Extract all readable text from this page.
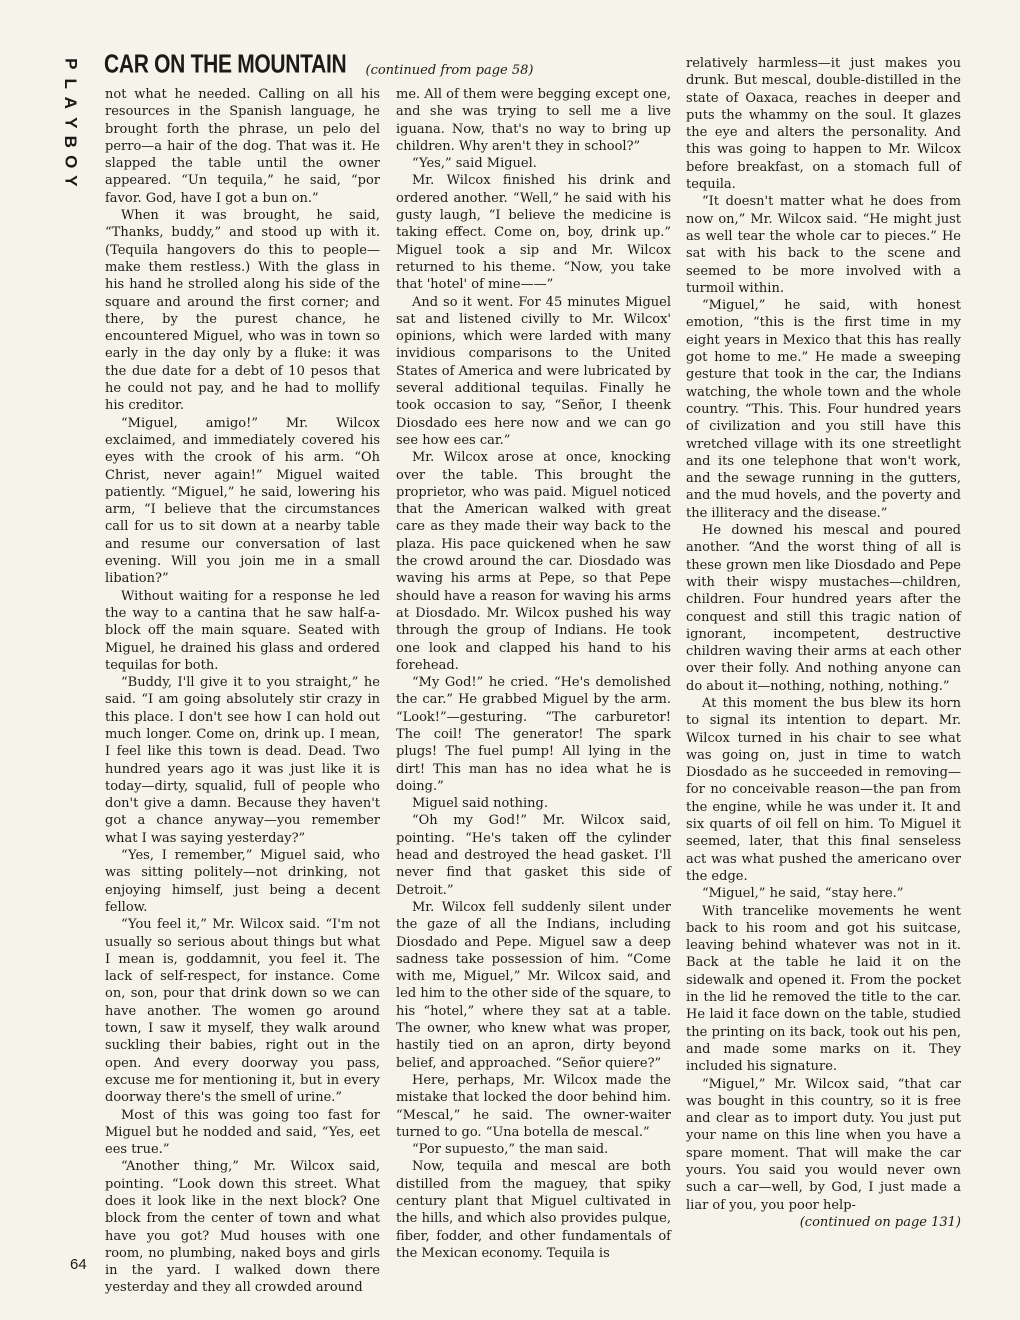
P
L
A
Y
B
O
Y
CAR ON THE MOUNTAIN (continued from page 58)

not what he needed. Calling on all his resources in the Spanish language, he brought forth the phrase, un pelo del perro—a hair of the dog. That was it. He slapped the table until the owner appeared. “Un tequila,” he said, “por favor. God, have I got a bun on.”

When it was brought, he said, “Thanks, buddy,” and stood up with it. (Tequila hangovers do this to people—make them restless.) With the glass in his hand he strolled along his side of the square and around the first corner; and there, by the purest chance, he encountered Miguel, who was in town so early in the day only by a fluke: it was the due date for a debt of 10 pesos that he could not pay, and he had to mollify his creditor.

“Miguel, amigo!” Mr. Wilcox exclaimed, and immediately covered his eyes with the crook of his arm. “Oh Christ, never again!” Miguel waited patiently. “Miguel,” he said, lowering his arm, “I believe that the circumstances call for us to sit down at a nearby table and resume our conversation of last evening. Will you join me in a small libation?”

Without waiting for a response he led the way to a cantina that he saw half-a-block off the main square. Seated with Miguel, he drained his glass and ordered tequilas for both.

“Buddy, I'll give it to you straight,” he said. “I am going absolutely stir crazy in this place. I don't see how I can hold out much longer. Come on, drink up. I mean, I feel like this town is dead. Dead. Two hundred years ago it was just like it is today—dirty, squalid, full of people who don't give a damn. Because they haven't got a chance anyway—you remember what I was saying yesterday?”

“Yes, I remember,” Miguel said, who was sitting politely—not drinking, not enjoying himself, just being a decent fellow.

“You feel it,” Mr. Wilcox said. “I'm not usually so serious about things but what I mean is, goddamnit, you feel it. The lack of self-respect, for instance. Come on, son, pour that drink down so we can have another. The women go around town, I saw it myself, they walk around suckling their babies, right out in the open. And every doorway you pass, excuse me for mentioning it, but in every doorway there's the smell of urine.”

Most of this was going too fast for Miguel but he nodded and said, “Yes, eet ees true.”

“Another thing,” Mr. Wilcox said, pointing. “Look down this street. What does it look like in the next block? One block from the center of town and what have you got? Mud houses with one room, no plumbing, naked boys and girls in the yard. I walked down there yesterday and they all crowded around

me. All of them were begging except one, and she was trying to sell me a live iguana. Now, that's no way to bring up children. Why aren't they in school?”

“Yes,” said Miguel.

Mr. Wilcox finished his drink and ordered another. “Well,” he said with his gusty laugh, “I believe the medicine is taking effect. Come on, boy, drink up.” Miguel took a sip and Mr. Wilcox returned to his theme. “Now, you take that 'hotel' of mine——”

And so it went. For 45 minutes Miguel sat and listened civilly to Mr. Wilcox' opinions, which were larded with many invidious comparisons to the United States of America and were lubricated by several additional tequilas. Finally he took occasion to say, “Señor, I theenk Diosdado ees here now and we can go see how ees car.”

Mr. Wilcox arose at once, knocking over the table. This brought the proprietor, who was paid. Miguel noticed that the American walked with great care as they made their way back to the plaza. His pace quickened when he saw the crowd around the car. Diosdado was waving his arms at Pepe, so that Pepe should have a reason for waving his arms at Diosdado. Mr. Wilcox pushed his way through the group of Indians. He took one look and clapped his hand to his forehead.

“My God!” he cried. “He's demolished the car.” He grabbed Miguel by the arm. “Look!”—gesturing. “The carburetor! The coil! The generator! The spark plugs! The fuel pump! All lying in the dirt! This man has no idea what he is doing.”

Miguel said nothing.

“Oh my God!” Mr. Wilcox said, pointing. “He's taken off the cylinder head and destroyed the head gasket. I'll never find that gasket this side of Detroit.”

Mr. Wilcox fell suddenly silent under the gaze of all the Indians, including Diosdado and Pepe. Miguel saw a deep sadness take possession of him. “Come with me, Miguel,” Mr. Wilcox said, and led him to the other side of the square, to his “hotel,” where they sat at a table. The owner, who knew what was proper, hastily tied on an apron, dirty beyond belief, and approached. “Señor quiere?”

Here, perhaps, Mr. Wilcox made the mistake that locked the door behind him. “Mescal,” he said. The owner-waiter turned to go. “Una botella de mescal.”

“Por supuesto,” the man said.

Now, tequila and mescal are both distilled from the maguey, that spiky century plant that Miguel cultivated in the hills, and which also provides pulque, fiber, fodder, and other fundamentals of the Mexican economy. Tequila is

relatively harmless—it just makes you drunk. But mescal, double-distilled in the state of Oaxaca, reaches in deeper and puts the whammy on the soul. It glazes the eye and alters the personality. And this was going to happen to Mr. Wilcox before breakfast, on a stomach full of tequila.

“It doesn't matter what he does from now on,” Mr. Wilcox said. “He might just as well tear the whole car to pieces.” He sat with his back to the scene and seemed to be more involved with a turmoil within.

“Miguel,” he said, with honest emotion, “this is the first time in my eight years in Mexico that this has really got home to me.” He made a sweeping gesture that took in the car, the Indians watching, the whole town and the whole country. “This. This. Four hundred years of civilization and you still have this wretched village with its one streetlight and its one telephone that won't work, and the sewage running in the gutters, and the mud hovels, and the poverty and the illiteracy and the disease.”

He downed his mescal and poured another. “And the worst thing of all is these grown men like Diosdado and Pepe with their wispy mustaches—children, children. Four hundred years after the conquest and still this tragic nation of ignorant, incompetent, destructive children waving their arms at each other over their folly. And nothing anyone can do about it—nothing, nothing, nothing.”

At this moment the bus blew its horn to signal its intention to depart. Mr. Wilcox turned in his chair to see what was going on, just in time to watch Diosdado as he succeeded in removing—for no conceivable reason—the pan from the engine, while he was under it. It and six quarts of oil fell on him. To Miguel it seemed, later, that this final senseless act was what pushed the americano over the edge.

“Miguel,” he said, “stay here.”

With trancelike movements he went back to his room and got his suitcase, leaving behind whatever was not in it. Back at the table he laid it on the sidewalk and opened it. From the pocket in the lid he removed the title to the car. He laid it face down on the table, studied the printing on its back, took out his pen, and made some marks on it. They included his signature.

“Miguel,” Mr. Wilcox said, “that car was bought in this country, so it is free and clear as to import duty. You just put your name on this line when you have a spare moment. That will make the car yours. You said you would never own such a car—well, by God, I just made a liar of you, you poor help-

(continued on page 131)

64
